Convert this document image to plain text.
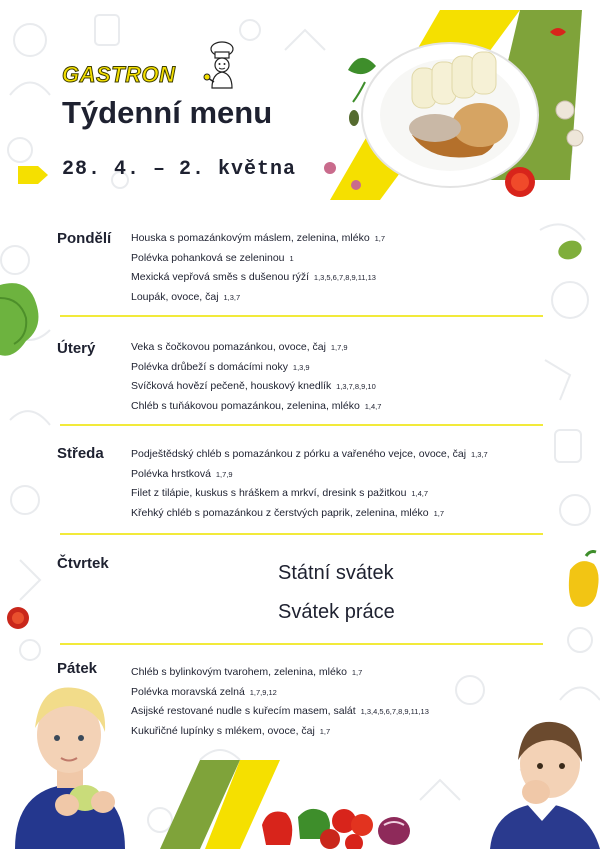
GASTRON
Týdenní menu
28. 4. – 2. května
Pondělí Houska s pomazánkovým máslem, zelenina, mléko 1,7
Polévka pohanková se zeleninou 1
Mexická vepřová směs s dušenou rýží 1,3,5,6,7,8,9,11,13
Loupák, ovoce, čaj 1,3,7
Úterý	Veka s čočkovou pomazánkou, ovoce, čaj 1,7,9
Polévka drůbeží s domácími noky 1,3,9
Svíčková hovězí pečeně, houskový knedlík 1,3,7,8,9,10
Chléb s tuňákovou pomazánkou, zelenina, mléko 1,4,7
Středa	Podještědský chléb s pomazánkou z pórku a vařeného vejce, ovoce, čaj 1,3,7
Polévka hrstková 1,7,9
Filet z tilápie, kuskus s hráškem a mrkví, dresink s pažitkou 1,4,7
Křehký chléb s pomazánkou z čerstvých paprik, zelenina, mléko 1,7
Čtvrtek	Státní svátek
Svátek práce
Pátek	Chléb s bylinkovým tvarohem, zelenina, mléko 1,7
Polévka moravská zelná 1,7,9,12
Asijské restované nudle s kuřecím masem, salát 1,3,4,5,6,7,8,9,11,13
Kukuřičné lupínky s mlékem, ovoce, čaj 1,7
